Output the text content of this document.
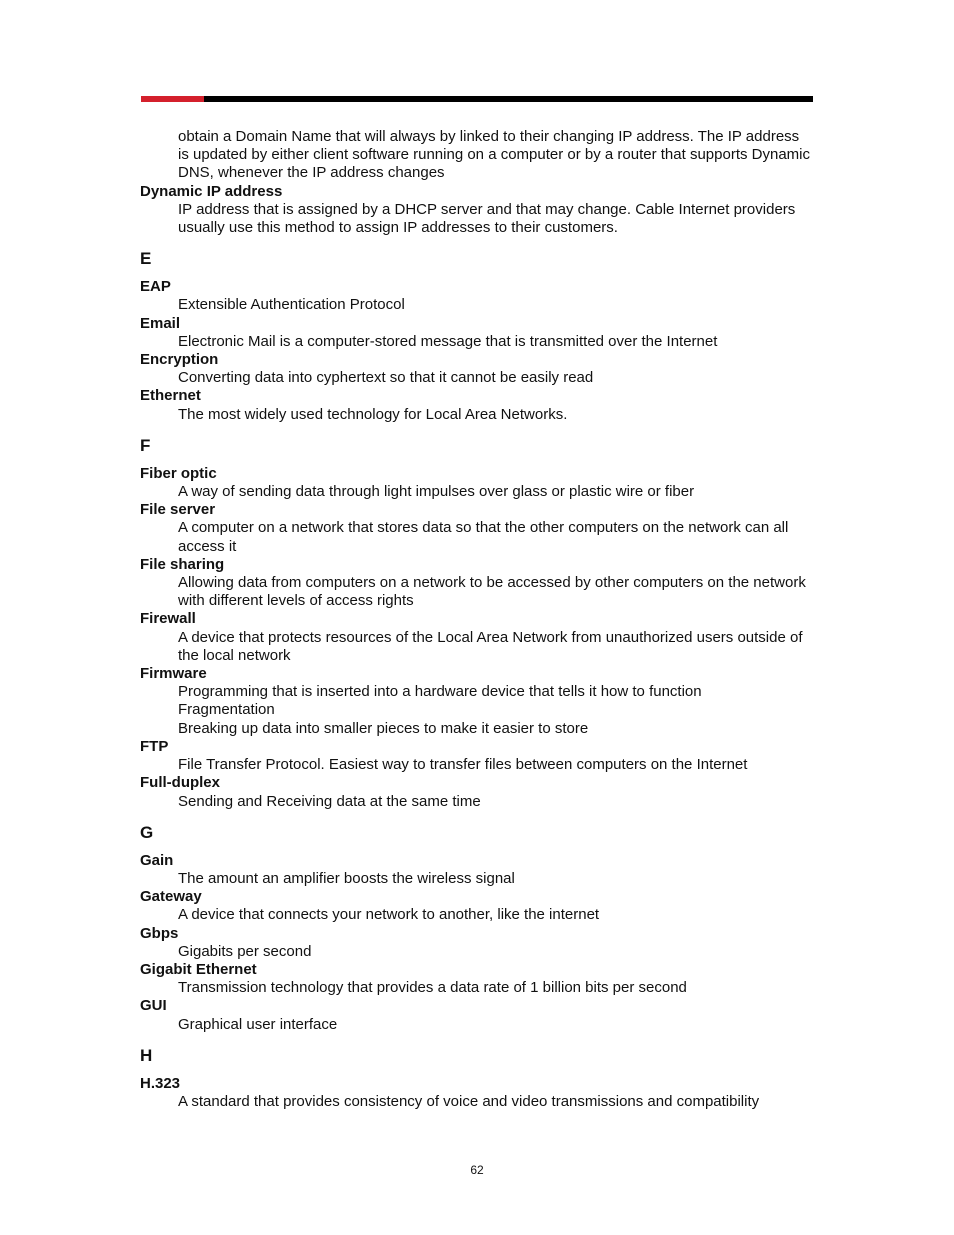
obtain a Domain Name that will always by linked to their changing IP address. The IP address is updated by either client software running on a computer or by a router that supports Dynamic DNS, whenever the IP address changes
Dynamic IP address
IP address that is assigned by a DHCP server and that may change. Cable Internet providers usually use this method to assign IP addresses to their customers.
E
EAP
Extensible Authentication Protocol
Email
Electronic Mail is a computer-stored message that is transmitted over the Internet
Encryption
Converting data into cyphertext so that it cannot be easily read
Ethernet
The most widely used technology for Local Area Networks.
F
Fiber optic
A way of sending data through light impulses over glass or plastic wire or fiber
File server
A computer on a network that stores data so that the other computers on the network can all access it
File sharing
Allowing data from computers on a network to be accessed by other computers on the network with different levels of access rights
Firewall
A device that protects resources of the Local Area Network from unauthorized users outside of the local network
Firmware
Programming that is inserted into a hardware device that tells it how to function
Fragmentation
Breaking up data into smaller pieces to make it easier to store
FTP
File Transfer Protocol. Easiest way to transfer files between computers on the Internet
Full-duplex
Sending and Receiving data at the same time
G
Gain
The amount an amplifier boosts the wireless signal
Gateway
A device that connects your network to another, like the internet
Gbps
Gigabits per second
Gigabit Ethernet
Transmission technology that provides a data rate of 1 billion bits per second
GUI
Graphical user interface
H
H.323
A standard that provides consistency of voice and video transmissions and compatibility
62
